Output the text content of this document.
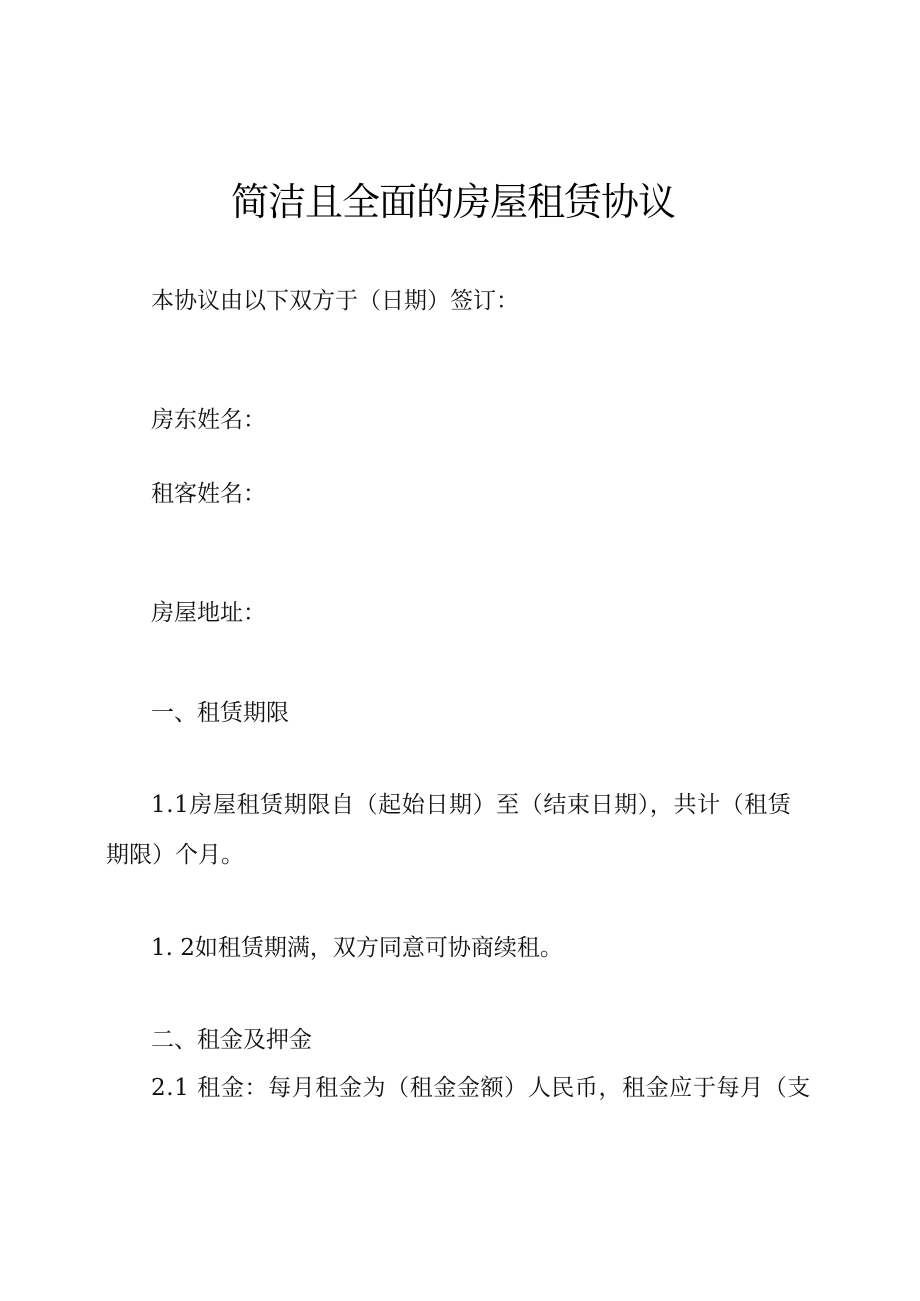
简洁且全面的房屋租赁协议
本协议由以下双方于（日期）签订：
房东姓名：
租客姓名：
房屋地址：
一、租赁期限
1.1房屋租赁期限自（起始日期）至（结束日期），共计（租赁
期限）个月。
1. 2如租赁期满，双方同意可协商续租。
二、租金及押金
2.1 租金：每月租金为（租金金额）人民币，租金应于每月（支
